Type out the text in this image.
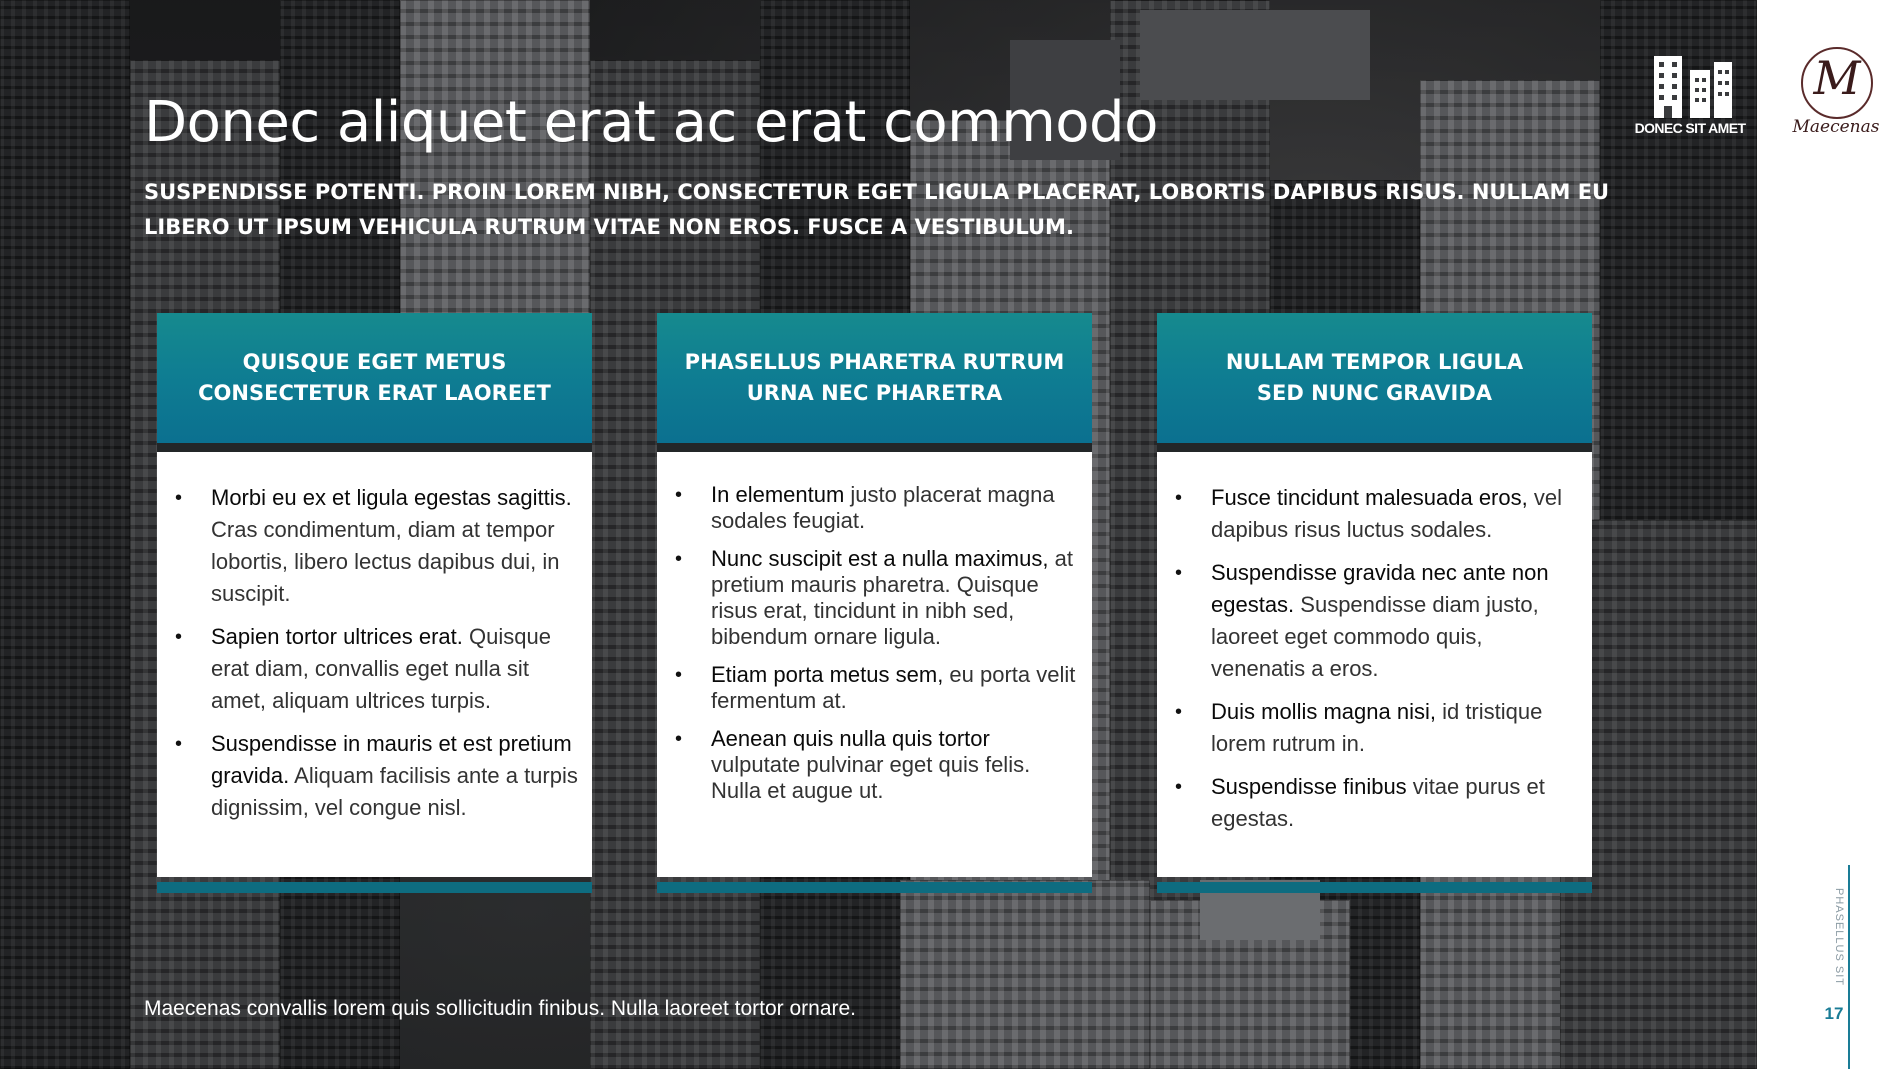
Donec aliquet erat ac erat commodo

SUSPENDISSE POTENTI. PROIN LOREM NIBH, CONSECTETUR EGET LIGULA PLACERAT, LOBORTIS DAPIBUS RISUS. NULLAM EU LIBERO UT IPSUM VEHICULA RUTRUM VITAE NON EROS. FUSCE A VESTIBULUM.

DONEC SIT AMET
M
Maecenas
PHASELLUS SIT
17
QUISQUE EGET METUS
CONSECTETUR ERAT LAOREET
• Morbi eu ex et ligula egestas sagittis. Cras condimentum, diam at tempor lobortis, libero lectus dapibus dui, in suscipit.
• Sapien tortor ultrices erat. Quisque erat diam, convallis eget nulla sit amet, aliquam ultrices turpis.
• Suspendisse in mauris et est pretium gravida. Aliquam facilisis ante a turpis dignissim, vel congue nisl.
PHASELLUS PHARETRA RUTRUM
URNA NEC PHARETRA
• In elementum justo placerat magna sodales feugiat.
• Nunc suscipit est a nulla maximus, at pretium mauris pharetra. Quisque risus erat, tincidunt in nibh sed, bibendum ornare ligula.
• Etiam porta metus sem, eu porta velit fermentum at.
• Aenean quis nulla quis tortor vulputate pulvinar eget quis felis. Nulla et augue ut.
NULLAM TEMPOR LIGULA
SED NUNC GRAVIDA
• Fusce tincidunt malesuada eros, vel dapibus risus luctus sodales.
• Suspendisse gravida nec ante non egestas. Suspendisse diam justo, laoreet eget commodo quis, venenatis a eros.
• Duis mollis magna nisi, id tristique lorem rutrum in.
• Suspendisse finibus vitae purus et egestas.

Maecenas convallis lorem quis sollicitudin finibus. Nulla laoreet tortor ornare.
